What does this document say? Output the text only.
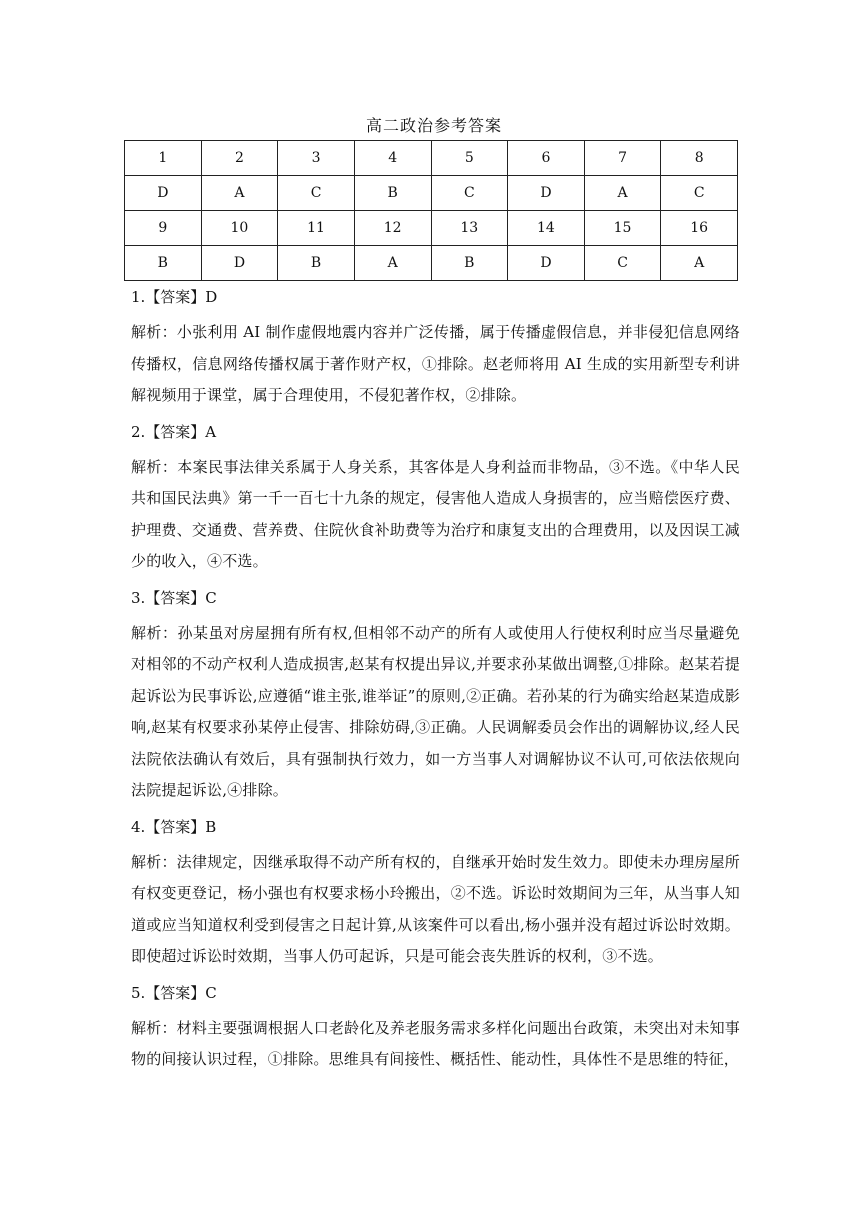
高二政治参考答案
1	2	3	4	5	6	7	8
D	A	C	B	C	D	A	C
9	10	11	12	13	14	15	16
B	D	B	A	B	D	C	A
1.【答案】D

解析：小张利用 AI 制作虚假地震内容并广泛传播，属于传播虚假信息，并非侵犯信息网络传播权，信息网络传播权属于著作财产权，①排除。赵老师将用 AI 生成的实用新型专利讲解视频用于课堂，属于合理使用，不侵犯著作权，②排除。

2.【答案】A

解析：本案民事法律关系属于人身关系，其客体是人身利益而非物品，③不选。《中华人民共和国民法典》第一千一百七十九条的规定，侵害他人造成人身损害的，应当赔偿医疗费、护理费、交通费、营养费、住院伙食补助费等为治疗和康复支出的合理费用，以及因误工减少的收入，④不选。

3.【答案】C

解析：孙某虽对房屋拥有所有权,但相邻不动产的所有人或使用人行使权利时应当尽量避免对相邻的不动产权利人造成损害,赵某有权提出异议,并要求孙某做出调整,①排除。赵某若提起诉讼为民事诉讼,应遵循“谁主张,谁举证”的原则,②正确。若孙某的行为确实给赵某造成影响,赵某有权要求孙某停止侵害、排除妨碍,③正确。人民调解委员会作出的调解协议,经人民法院依法确认有效后，具有强制执行效力，如一方当事人对调解协议不认可,可依法依规向法院提起诉讼,④排除。

4.【答案】B

解析：法律规定，因继承取得不动产所有权的，自继承开始时发生效力。即使未办理房屋所有权变更登记，杨小强也有权要求杨小玲搬出，②不选。诉讼时效期间为三年，从当事人知道或应当知道权利受到侵害之日起计算,从该案件可以看出,杨小强并没有超过诉讼时效期。即使超过诉讼时效期，当事人仍可起诉，只是可能会丧失胜诉的权利，③不选。

5.【答案】C

解析：材料主要强调根据人口老龄化及养老服务需求多样化问题出台政策，未突出对未知事物的间接认识过程，①排除。思维具有间接性、概括性、能动性，具体性不是思维的特征，
